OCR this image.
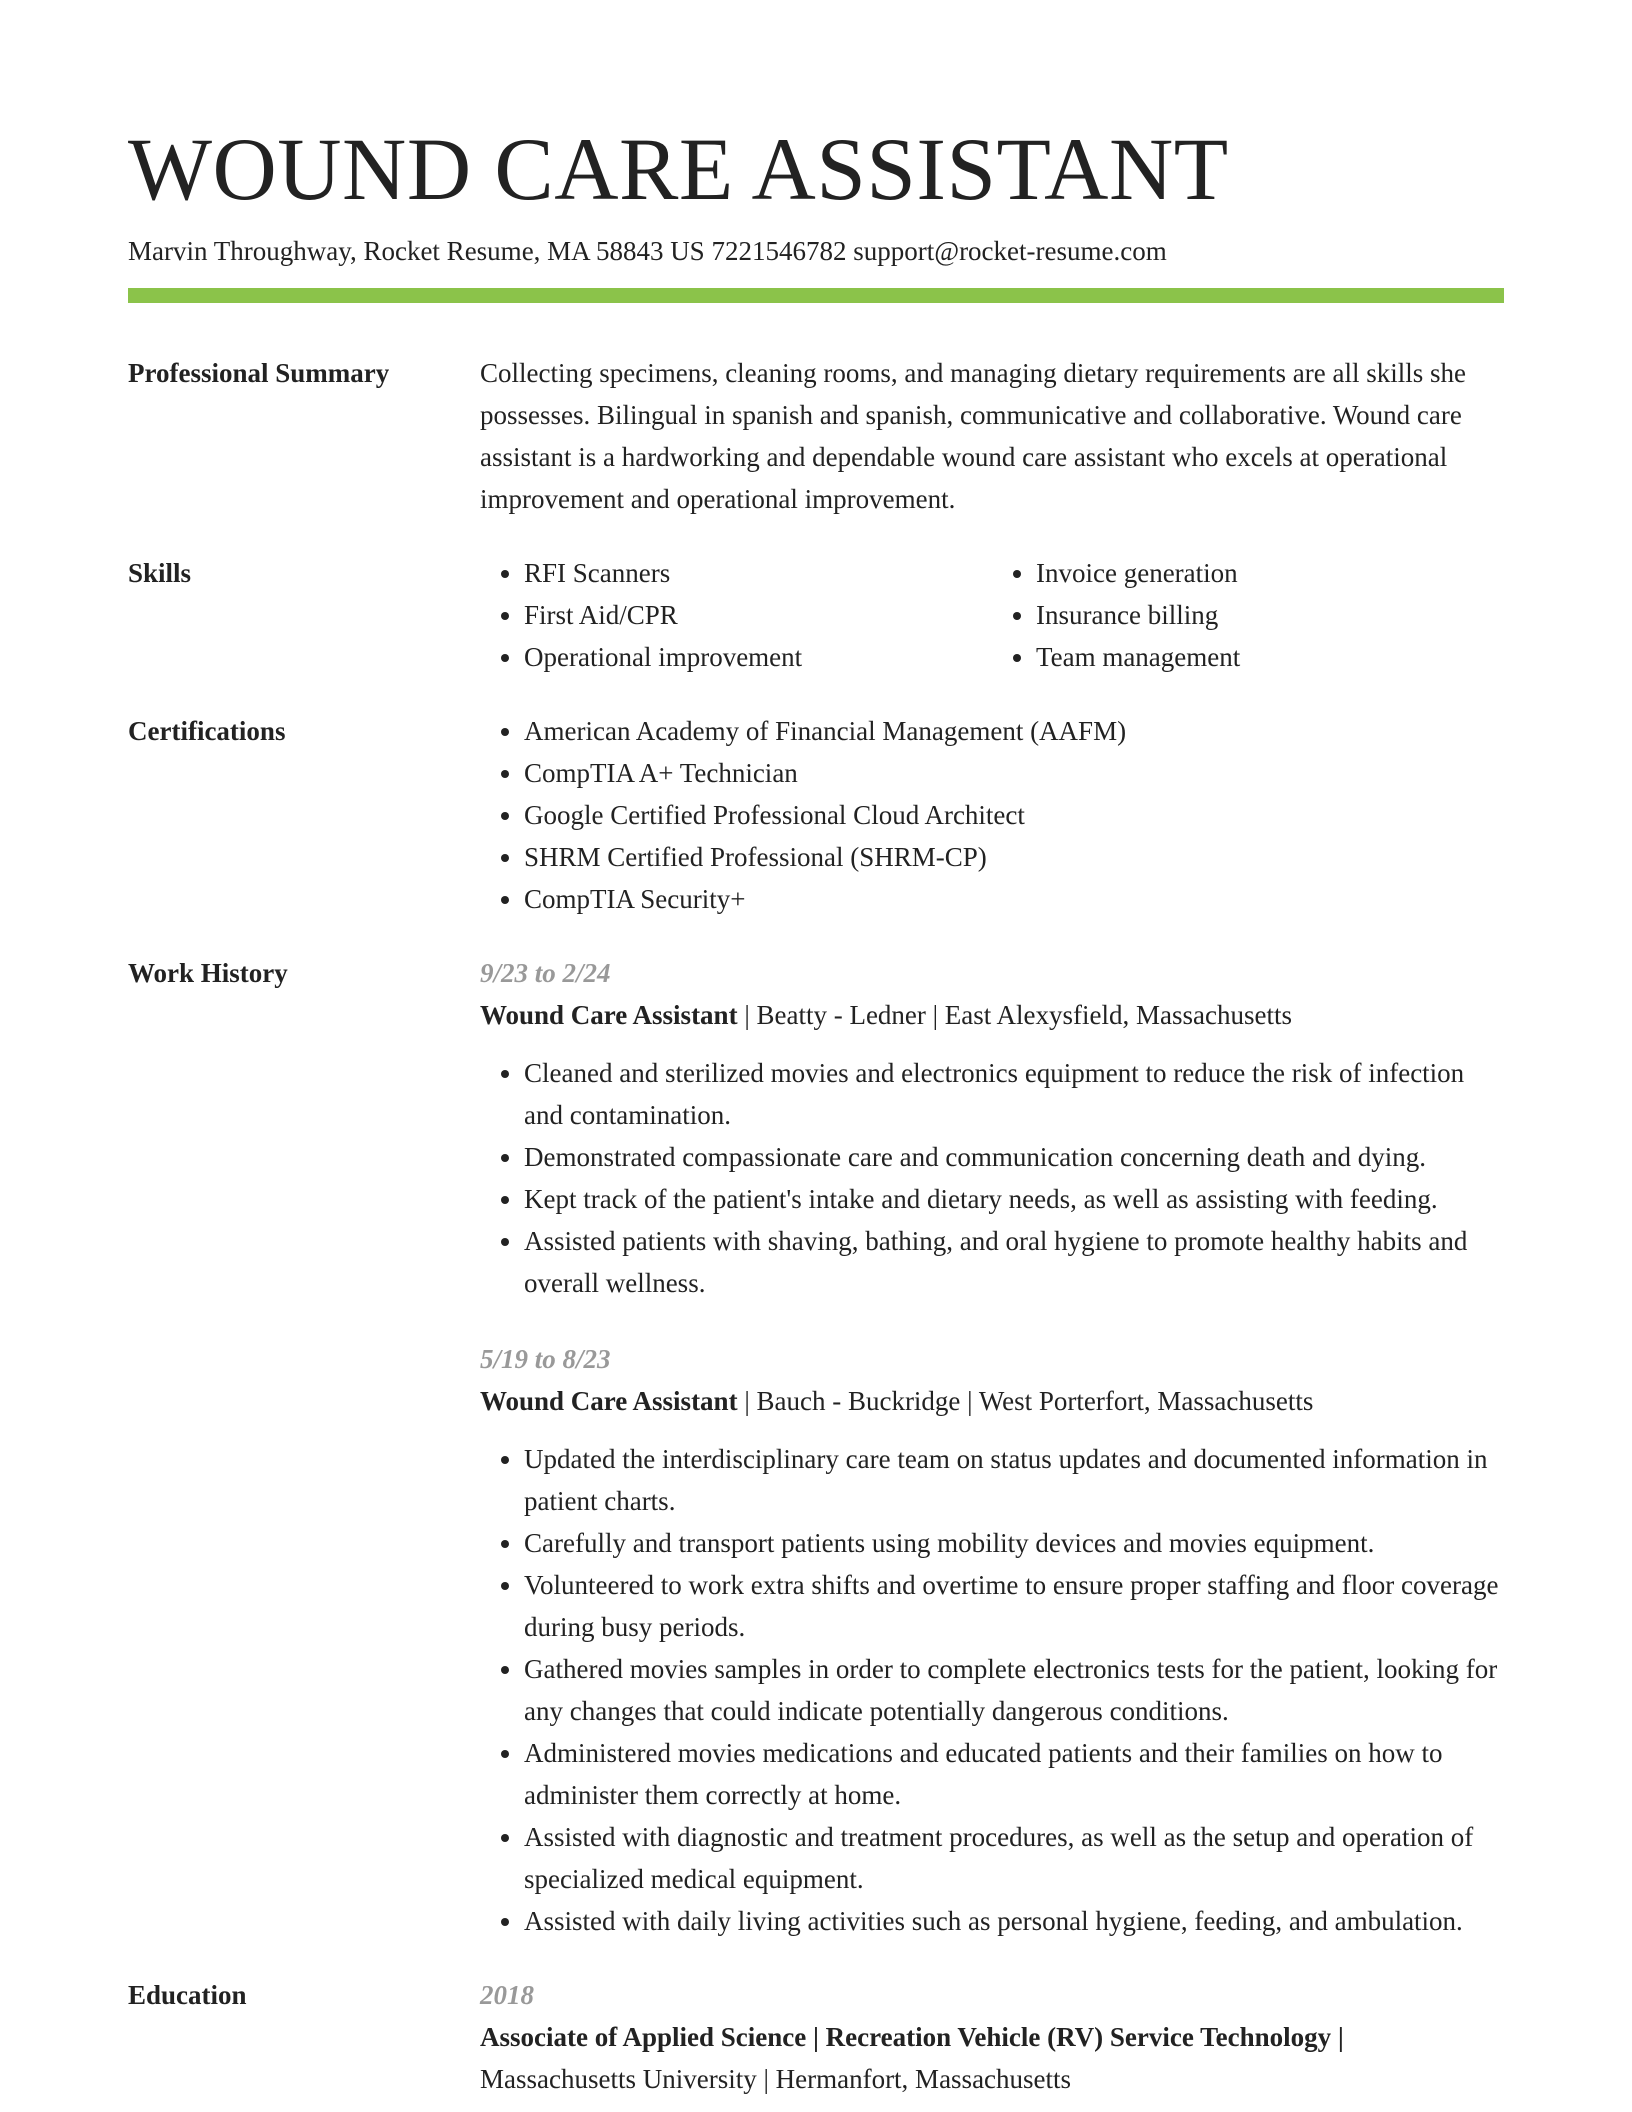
WOUND CARE ASSISTANT
Marvin Throughway, Rocket Resume, MA 58843 US 7221546782 support@rocket-resume.com
Professional Summary	Collecting specimens, cleaning rooms, and managing dietary requirements are all skills she possesses. Bilingual in spanish and spanish, communicative and collaborative. Wound care assistant is a hardworking and dependable wound care assistant who excels at operational improvement and operational improvement.

Skills	• RFI Scanners
• First Aid/CPR
• Operational improvement
• Invoice generation
• Insurance billing
• Team management
Certifications	• American Academy of Financial Management (AAFM)
• CompTIA A+ Technician
• Google Certified Professional Cloud Architect
• SHRM Certified Professional (SHRM-CP)
• CompTIA Security+
Work History	9/23 to 2/24
Wound Care Assistant | Beatty - Ledner | East Alexysfield, Massachusetts
• Cleaned and sterilized movies and electronics equipment to reduce the risk of infection and contamination.
• Demonstrated compassionate care and communication concerning death and dying.
• Kept track of the patient's intake and dietary needs, as well as assisting with feeding.
• Assisted patients with shaving, bathing, and oral hygiene to promote healthy habits and overall wellness.
5/19 to 8/23
Wound Care Assistant | Bauch - Buckridge | West Porterfort, Massachusetts
• Updated the interdisciplinary care team on status updates and documented information in patient charts.
• Carefully and transport patients using mobility devices and movies equipment.
• Volunteered to work extra shifts and overtime to ensure proper staffing and floor coverage during busy periods.
• Gathered movies samples in order to complete electronics tests for the patient, looking for any changes that could indicate potentially dangerous conditions.
• Administered movies medications and educated patients and their families on how to administer them correctly at home.
• Assisted with diagnostic and treatment procedures, as well as the setup and operation of specialized medical equipment.
• Assisted with daily living activities such as personal hygiene, feeding, and ambulation.
Education	2018
Associate of Applied Science | Recreation Vehicle (RV) Service Technology |
Massachusetts University | Hermanfort, Massachusetts
